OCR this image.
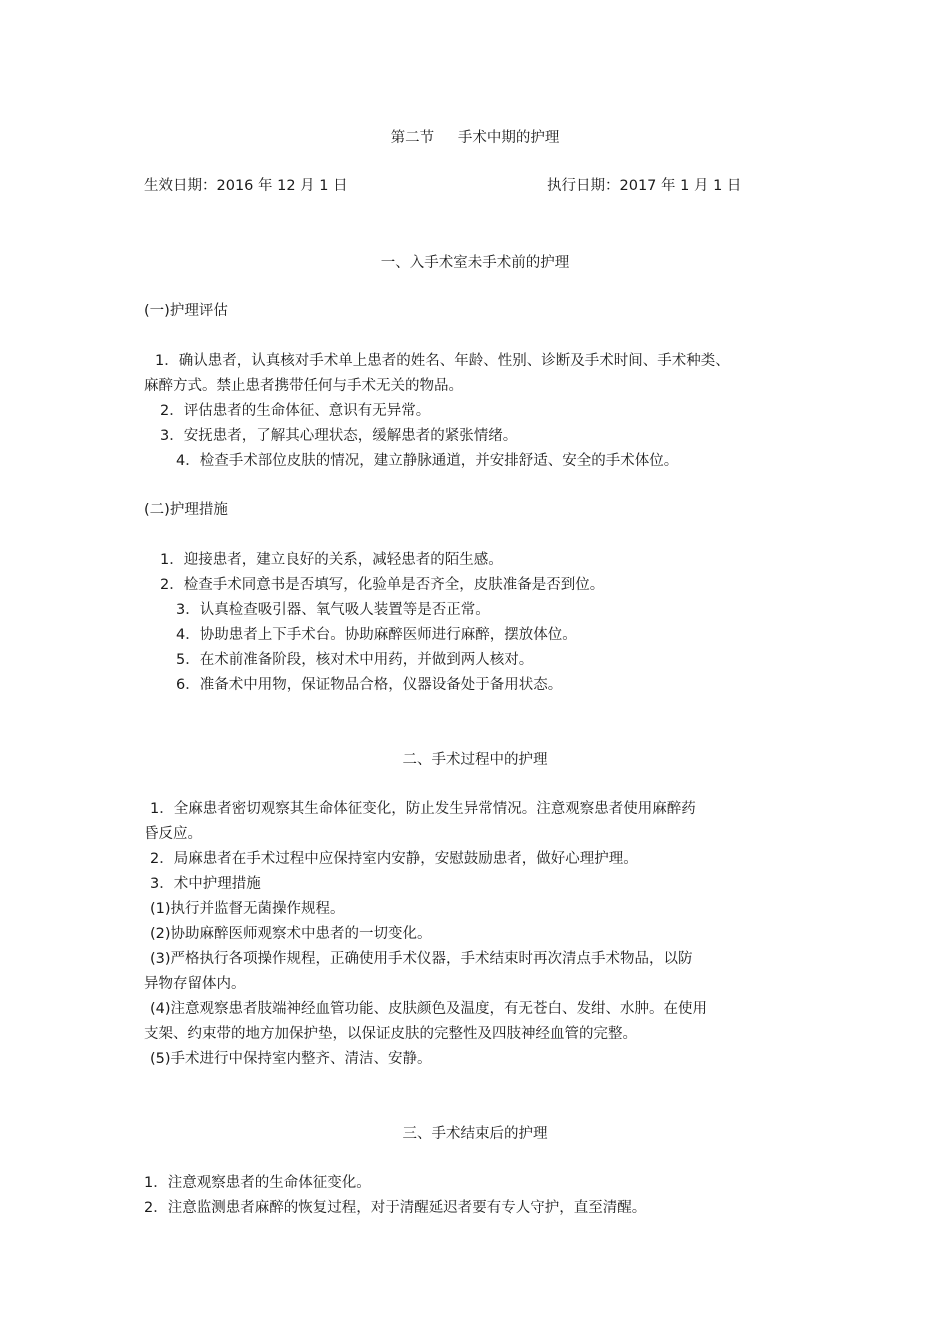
第二节 　 手术中期的护理
生效日期：2016 年 12 月 1 日	执行日期：2017 年 1 月 1 日
一、入手术室未手术前的护理
(一)护理评估
1．确认患者，认真核对手术单上患者的姓名、年龄、性别、诊断及手术时间、手术种类、
麻醉方式。禁止患者携带任何与手术无关的物品。
2．评估患者的生命体征、意识有无异常。
3．安抚患者，了解其心理状态，缓解患者的紧张情绪。
4．检查手术部位皮肤的情况，建立静脉通道，并安排舒适、安全的手术体位。
(二)护理措施
1．迎接患者，建立良好的关系，减轻患者的陌生感。
2．检查手术同意书是否填写，化验单是否齐全，皮肤准备是否到位。
3．认真检查吸引器、氧气吸人装置等是否正常。
4．协助患者上下手术台。协助麻醉医师进行麻醉，摆放体位。
5．在术前准备阶段，核对术中用药，并做到两人核对。
6．准备术中用物，保证物品合格，仪器设备处于备用状态。
二、手术过程中的护理
1．全麻患者密切观察其生命体征变化，防止发生异常情况。注意观察患者使用麻醉药
昏反应。
2．局麻患者在手术过程中应保持室内安静，安慰鼓励患者，做好心理护理。
3．术中护理措施
(1)执行并监督无菌操作规程。
(2)协助麻醉医师观察术中患者的一切变化。
(3)严格执行各项操作规程，正确使用手术仪器，手术结束时再次清点手术物品，以防
异物存留体内。
(4)注意观察患者肢端神经血管功能、皮肤颜色及温度，有无苍白、发绀、水肿。在使用
支架、约束带的地方加保护垫，以保证皮肤的完整性及四肢神经血管的完整。
(5)手术进行中保持室内整齐、清洁、安静。
三、手术结束后的护理
1．注意观察患者的生命体征变化。
2．注意监测患者麻醉的恢复过程，对于清醒延迟者要有专人守护，直至清醒。
